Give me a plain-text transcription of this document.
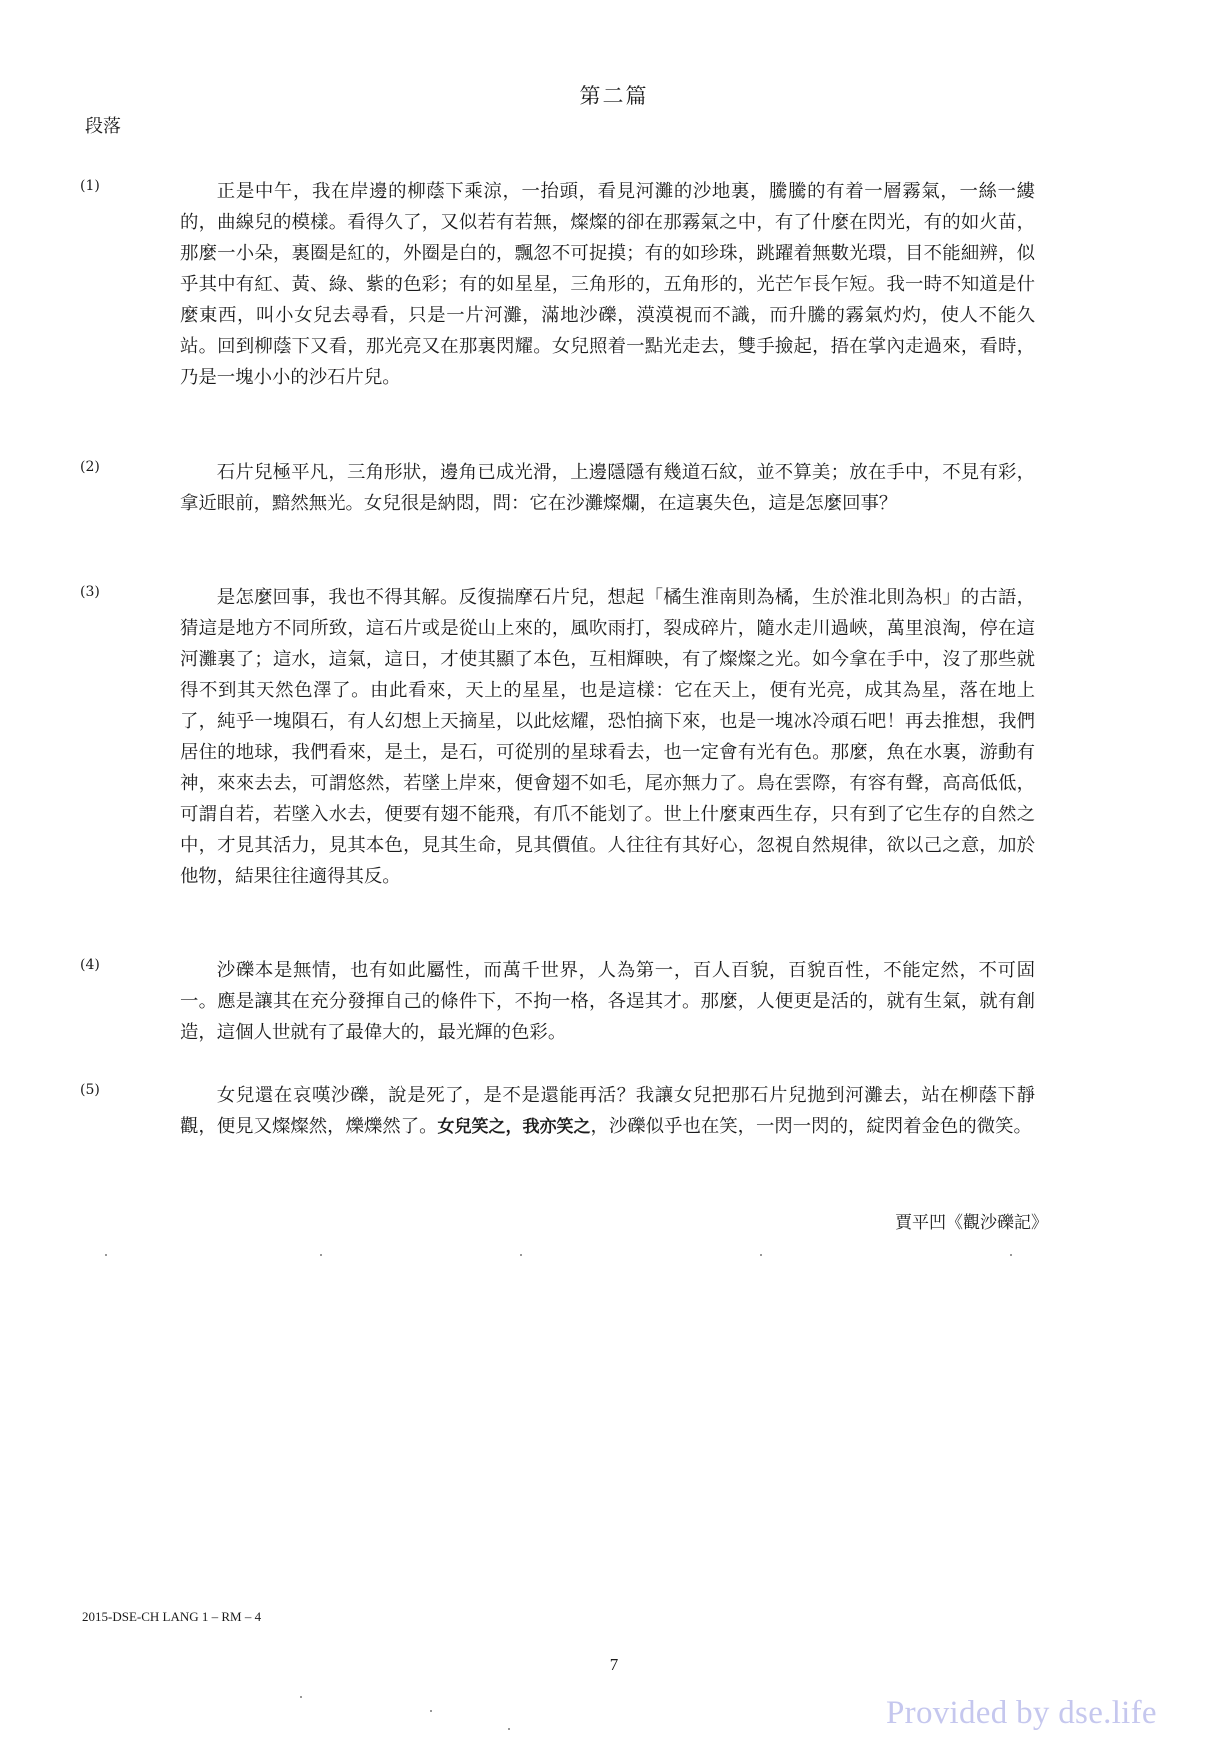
第二篇
段落
(1)	正是中午，我在岸邊的柳蔭下乘涼，一抬頭，看見河灘的沙地裏，騰騰的有着一層霧氣，一絲一縷的，曲線兒的模樣。看得久了，又似若有若無，燦燦的卻在那霧氣之中，有了什麼在閃光，有的如火苗，那麼一小朵，裏圈是紅的，外圈是白的，飄忽不可捉摸；有的如珍珠，跳躍着無數光環，目不能細辨，似乎其中有紅、黃、綠、紫的色彩；有的如星星，三角形的，五角形的，光芒乍長乍短。我一時不知道是什麼東西，叫小女兒去尋看，只是一片河灘，滿地沙礫，漠漠視而不識，而升騰的霧氣灼灼，使人不能久站。回到柳蔭下又看，那光亮又在那裏閃耀。女兒照着一點光走去，雙手撿起，捂在掌內走過來，看時，乃是一塊小小的沙石片兒。
(2)	石片兒極平凡，三角形狀，邊角已成光滑，上邊隱隱有幾道石紋，並不算美；放在手中，不見有彩，拿近眼前，黯然無光。女兒很是納悶，問：它在沙灘燦爛，在這裏失色，這是怎麼回事？
(3)	是怎麼回事，我也不得其解。反復揣摩石片兒，想起「橘生淮南則為橘，生於淮北則為枳」的古語，猜這是地方不同所致，這石片或是從山上來的，風吹雨打，裂成碎片，隨水走川過峽，萬里浪淘，停在這河灘裏了；這水，這氣，這日，才使其顯了本色，互相輝映，有了燦燦之光。如今拿在手中，沒了那些就得不到其天然色澤了。由此看來，天上的星星，也是這樣：它在天上，便有光亮，成其為星，落在地上了，純乎一塊隕石，有人幻想上天摘星，以此炫耀，恐怕摘下來，也是一塊冰冷頑石吧！再去推想，我們居住的地球，我們看來，是土，是石，可從別的星球看去，也一定會有光有色。那麼，魚在水裏，游動有神，來來去去，可謂悠然，若墜上岸來，便會翅不如毛，尾亦無力了。鳥在雲際，有容有聲，高高低低，可謂自若，若墜入水去，便要有翅不能飛，有爪不能划了。世上什麼東西生存，只有到了它生存的自然之中，才見其活力，見其本色，見其生命，見其價值。人往往有其好心，忽視自然規律，欲以己之意，加於他物，結果往往適得其反。
(4)	沙礫本是無情，也有如此屬性，而萬千世界，人為第一，百人百貌，百貌百性，不能定然，不可固一。應是讓其在充分發揮自己的條件下，不拘一格，各逞其才。那麼，人便更是活的，就有生氣，就有創造，這個人世就有了最偉大的，最光輝的色彩。
(5)	女兒還在哀嘆沙礫，說是死了，是不是還能再活？我讓女兒把那石片兒拋到河灘去，站在柳蔭下靜觀，便見又燦燦然，爍爍然了。女兒笑之，我亦笑之，沙礫似乎也在笑，一閃一閃的，綻閃着金色的微笑。
賈平凹《觀沙礫記》
2015-DSE-CH LANG 1 – RM – 4
7
Provided by dse.life
